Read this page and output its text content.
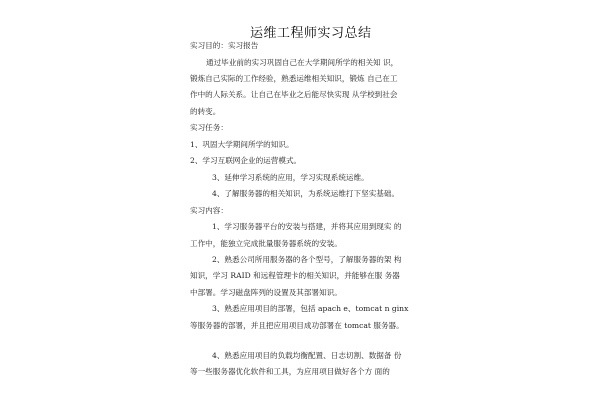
运维工程师实习总结
实习目的：实习报告
通过毕业前的实习巩固自己在大学期间所学的相关知 识，
锻炼自己实际的工作经验，熟悉运维相关知识，锻炼 自己在工
作中的人际关系。让自己在毕业之后能尽快实现 从学校到社会
的转变。
实习任务：
1、巩固大学期间所学的知识。
2、学习互联网企业的运营模式。
3、延伸学习系统的应用，学习实现系统运维。
4、了解服务器的相关知识，为系统运维打下坚实基础。
实习内容：
1、学习服务器平台的安装与搭建，并将其应用到现实 的
工作中，能独立完成批量服务器系统的安装。
2、熟悉公司所用服务器的各个型号，了解服务器的架 构
知识，学习 RAID 和远程管理卡的相关知识，并能够在服 务器
中部署。学习磁盘阵列的设置及其部署知识。
3、熟悉应用项目的部署，包括 apach e、tomcat n ginx
等服务器的部署，并且把应用项目成功部署在 tomcat 服务器。
4、熟悉应用项目的负载均衡配置、日志切割、数据备 份
等一些服务器优化软件和工具，为应用项目做好各个方 面的
